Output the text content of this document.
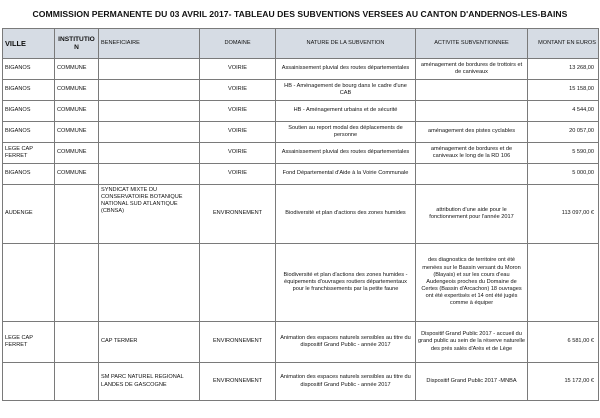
COMMISSION PERMANENTE DU 03 AVRIL 2017- TABLEAU DES SUBVENTIONS VERSEES AU CANTON D'ANDERNOS-LES-BAINS
VILLE	INSTITUTIO N	BENEFICIAIRE	DOMAINE	NATURE DE LA SUBVENTION	ACTIVITE SUBVENTIONNEE	MONTANT EN EUROS
BIGANOS	COMMUNE		VOIRIE	Assainissement pluvial des routes départementales	aménagement de bordures de trottoirs et de caniveaux	13 268,00
BIGANOS	COMMUNE		VOIRIE	HB - Aménagement de bourg dans le cadre d'une CAB		15 158,00
BIGANOS	COMMUNE		VOIRIE	HB - Aménagement urbains et de sécurité		4 544,00
BIGANOS	COMMUNE		VOIRIE	Soutien au report modal des déplacements de personne	aménagement des pistes cyclables	20 057,00
LEGE CAP FERRET	COMMUNE		VOIRIE	Assainissement pluvial des routes départementales	aménagement de bordures et de caniveaux le long de la RD 106	5 590,00
BIGANOS	COMMUNE		VOIRIE	Fond Départemental d'Aide à la Voirie Communale		5 000,00
AUDENGE		SYNDICAT MIXTE DU CONSERVATOIRE BOTANIQUE NATIONAL SUD ATLANTIQUE (CBNSA)	ENVIRONNEMENT	Biodiversité et plan d'actions des zones humides	attribution d'une aide pour le fonctionnement pour l'année 2017	113 097,00 €
				Biodiversité et plan d'actions des zones humides - équipements d'ouvrages routiers départementaux pour le franchissements par la petite faune	des diagnostics de territoire ont été menées sur le Bassin versant du Moron (Blayais) et sur les cours d'eau Audengeois proches du Domaine de Certes (Bassin d'Arcachon) 18 ouvrages ont été expertisés et 14 ont été jugés comme à équiper	
LEGE CAP FERRET		CAP TERMER	ENVIRONNEMENT	Animation des espaces naturels sensibles au titre du dispositif Grand Public - année 2017	Dispositif Grand Public 2017 - accueil du grand public au sein de la réserve naturelle des prés salés d'Arès et de Lège	6 581,00 €
		SM PARC NATUREL REGIONAL LANDES DE GASCOGNE	ENVIRONNEMENT	Animation des espaces naturels sensibles au titre du dispositif Grand Public - année 2017	Dispositif Grand Public 2017 -MNBA	15 172,00 €
